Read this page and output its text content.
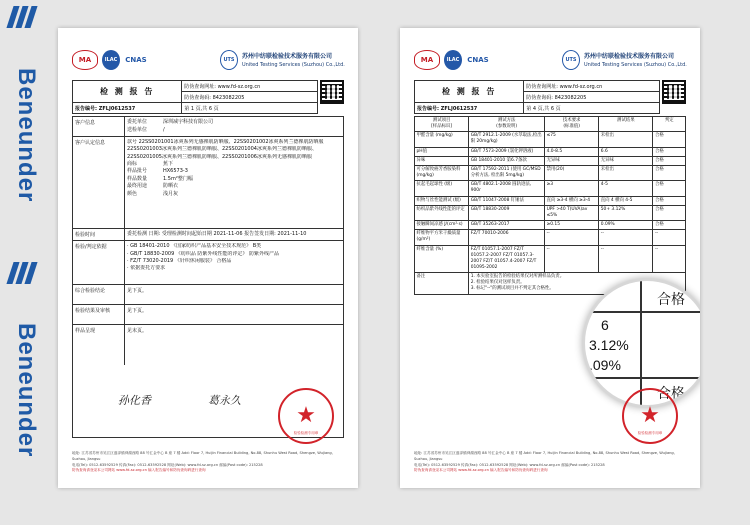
Beneunder
Beneunder
MA	ILAC	CNAS	UTS	苏州中纺联检验技术服务有限公司
United Testing Services (Suzhou) Co.,Ltd.
检 测 报 告	防伪查询网址: www.fd-sz.org.cn
	防伪查询码: 8423082205
报告编号: ZFLJ0612537	第 1 页,共 6 页
客户信息	委托单位	深圳减宇科技有限公司
送检单位	/
客户认定信息	款号 22SS0201001冰爽系列无感裸肌防晒服、22SS0201002冰爽系列兰德裸肌防晒服
22SS0201003冰爽系列兰德裸肌防晒服、22SS0201004冰爽系列兰德裸肌防晒服、
22SS0201005冰爽系列兰德裸肌防晒服、22SS0201006冰爽系列无感裸肌防晒服
商标	蕉下
样品批号	HX6573-3
样品数量	1.5m²整门幅
最终用途	防晒衣
颜色	浅月灰
检验时间	委托检测 日期: 受理检测时间起始日期 2021-11-06 报告签发日期: 2021-11-10
检验/判定依据	· GB 18401-2010 《国家纺织产品基本安全技术规范》 B类
· GB/T 18830-2009 《纺织品 防紫外线性能的评定》 防紫外线产品
· FZ/T 73020-2019 《针织休闲服装》 合格品
· 依据委托方要求
综合检验结论	见下页。
检验结果及审核	见下页。
样品呈现	见末页。
孙化香	葛永久
★
检验检测专用章
地址: 江苏省苏州市吴江区盛泽镇舜湖西路 88 号汇金中心 B 座 7 楼 Add: Floor 7, Huijin Financial Building, No.88, Shunhu West Road, Shengze, Wujiang, Suzhou, Jiangsu
电话(Tel): 0512-63592529 传真(Fax): 0512-63592528 网址(Web): www.fd-sz.org.cn 邮编(Post code): 215228
防伪查询请登录本公司网站 www.fd-sz.org.cn 输入报告编号和防伪查询码进行查询
MA	ILAC	CNAS	UTS	苏州中纺联检验技术服务有限公司
United Testing Services (Suzhou) Co.,Ltd.
检 测 报 告	防伪查询网址: www.fd-sz.org.cn
	防伪查询码: 8423082205
报告编号: ZFLJ0612537	第 4 页,共 6 页
测试项目
[样品标识]	测试方法
(参数说明)	技术要求
(标准值)	测试结果	判定
甲醛含量 (mg/kg)	GB/T 2912.1-2009 (水萃取法,检出限 20mg/kg)	≤75	未检出	合格
pH值	GB/T 7573-2009 (氯化钾溶液)	4.0-8.5	6.6	合格
异味	GB 18401-2010 第6.7条款	无异味	无异味	合格
可分解致癌芳香胺染料 (mg/kg)	GB/T 17592-2011 (使用 GC/MSD 分析方法, 检出限 5mg/kg)	禁用(20)	未检出	合格
抗起毛起球性 (级)	GB/T 4802.1-2008 圆轨迹法, 900r	≥3	4-5	合格
织物与丝性能测试 (级)	GB/T 11047-2008 钉锤法	直向 ≥3-4 横向 ≥3-4	直向 4 横向 4-5	合格
纺织品紫外线性能的评定	GB/T 18830-2009	UPF >40 T(UVA)av ≤5%	50+ 3.12%	合格
接触瞬间凉感 J/(cm²·s)	GB/T 35263-2017	≥0.15	0.09%	合格
纤维物平方米干燥质量 (g/m²)	FZ/T 70010-2006	--	--	--
纤维含量 (%)	FZ/T 01057.1-2007 FZ/T 01057.2-2007 FZ/T 01057.3-2007 FZ/T 01057.4-2007 FZ/T 01095-2002	--	--	--
备注	1. 本实验室报告的检验结果仅对所测样品负责。
2. 检验结果仅对送样负责。
3. 标记"--"的测试项目并不判定其合格性。			
合格
6
3.12%
.09%
合格
★
检验检测专用章
地址: 江苏省苏州市吴江区盛泽镇舜湖西路 88 号汇金中心 B 座 7 楼 Add: Floor 7, Huijin Financial Building, No.88, Shunhu West Road, Shengze, Wujiang, Suzhou, Jiangsu
电话(Tel): 0512-63592529 传真(Fax): 0512-63592528 网址(Web): www.fd-sz.org.cn 邮编(Post code): 215228
防伪查询请登录本公司网站 www.fd-sz.org.cn 输入报告编号和防伪查询码进行查询
